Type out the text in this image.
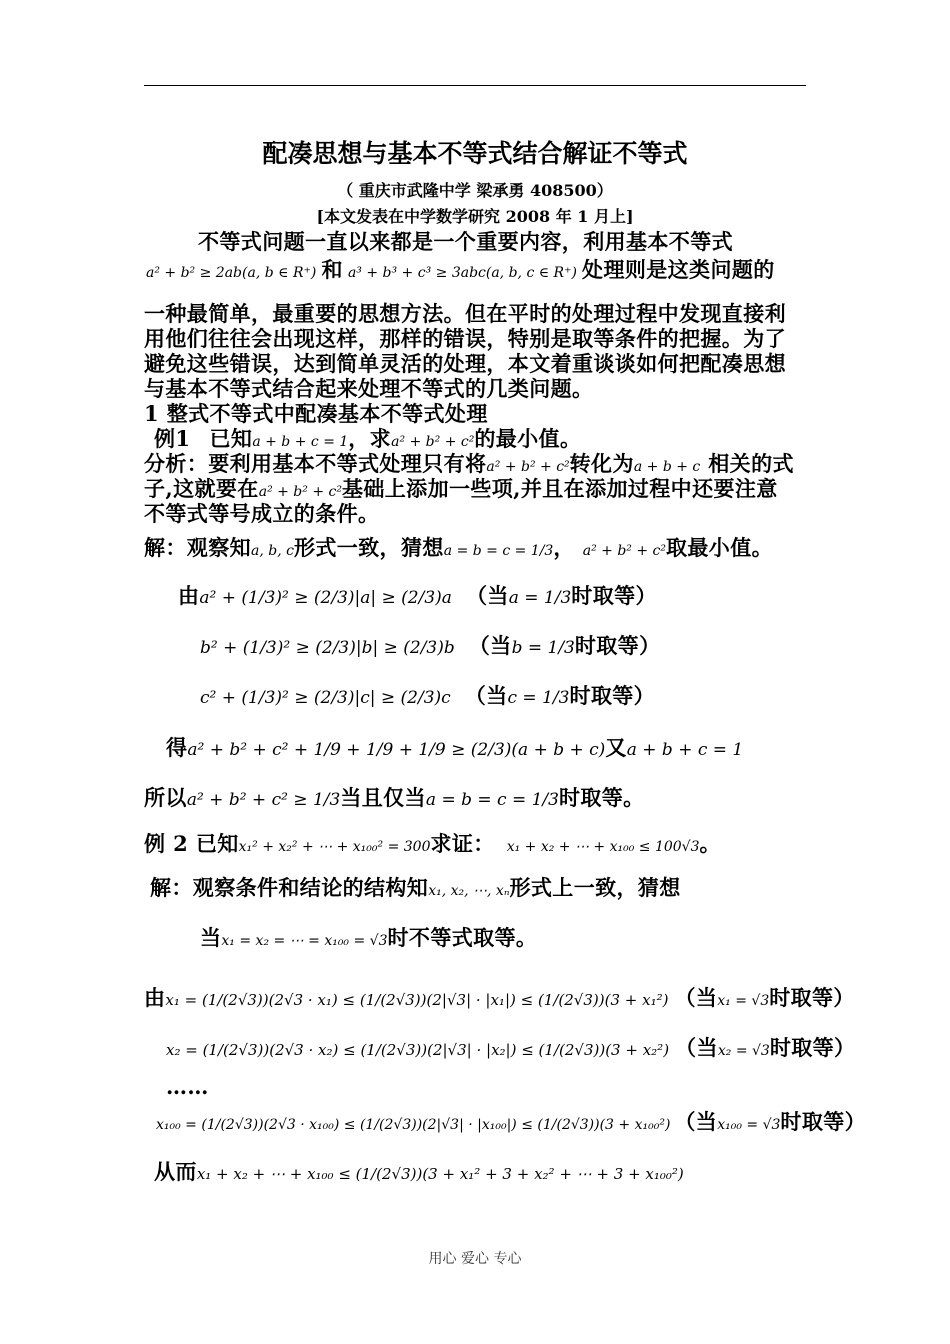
配凑思想与基本不等式结合解证不等式
（ 重庆市武隆中学 梁承勇 408500）
[本文发表在中学数学研究 2008 年 1 月上]
不等式问题一直以来都是一个重要内容，利用基本不等式
a² + b² ≥ 2ab(a, b ∈ R⁺) 和 a³ + b³ + c³ ≥ 3abc(a, b, c ∈ R⁺) 处理则是这类问题的
一种最简单，最重要的思想方法。但在平时的处理过程中发现直接利
用他们往往会出现这样，那样的错误，特别是取等条件的把握。为了
避免这些错误，达到简单灵活的处理，本文着重谈谈如何把配凑思想
与基本不等式结合起来处理不等式的几类问题。
1 整式不等式中配凑基本不等式处理
例1 已知a + b + c = 1，求a² + b² + c²的最小值。
分析：要利用基本不等式处理只有将a² + b² + c²转化为a + b + c 相关的式
子,这就要在a² + b² + c²基础上添加一些项,并且在添加过程中还要注意
不等式等号成立的条件。
解：观察知a, b, c形式一致，猜想a = b = c = 1/3， a² + b² + c²取最小值。
由a² + (1/3)² ≥ (2/3)|a| ≥ (2/3)a （当a = 1/3时取等）
b² + (1/3)² ≥ (2/3)|b| ≥ (2/3)b （当b = 1/3时取等）
c² + (1/3)² ≥ (2/3)|c| ≥ (2/3)c （当c = 1/3时取等）
得a² + b² + c² + 1/9 + 1/9 + 1/9 ≥ (2/3)(a + b + c)又a + b + c = 1
所以a² + b² + c² ≥ 1/3当且仅当a = b = c = 1/3时取等。
例 2 已知x₁² + x₂² + ⋯ + x₁₀₀² = 300求证： x₁ + x₂ + ⋯ + x₁₀₀ ≤ 100√3。
解：观察条件和结论的结构知x₁, x₂, ⋯, xₙ形式上一致，猜想
当x₁ = x₂ = ⋯ = x₁₀₀ = √3时不等式取等。
由x₁ = (1/(2√3))(2√3 · x₁) ≤ (1/(2√3))(2|√3| · |x₁|) ≤ (1/(2√3))(3 + x₁²) （当x₁ = √3时取等）
x₂ = (1/(2√3))(2√3 · x₂) ≤ (1/(2√3))(2|√3| · |x₂|) ≤ (1/(2√3))(3 + x₂²) （当x₂ = √3时取等）
……
x₁₀₀ = (1/(2√3))(2√3 · x₁₀₀) ≤ (1/(2√3))(2|√3| · |x₁₀₀|) ≤ (1/(2√3))(3 + x₁₀₀²) （当x₁₀₀ = √3时取等）
从而x₁ + x₂ + ⋯ + x₁₀₀ ≤ (1/(2√3))(3 + x₁² + 3 + x₂² + ⋯ + 3 + x₁₀₀²)
用心 爱心 专心
